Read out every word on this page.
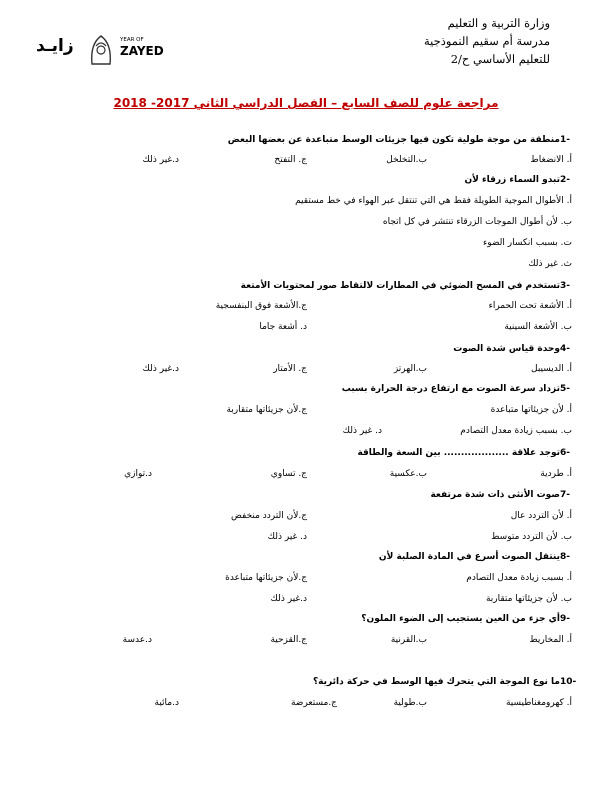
وزارة التربية و التعليم
مدرسة أم سقيم النموذجية
للتعليم الأساسي ح/2
زايـد	YEAR OF
ZAYED
مراجعة علوم للصف السابع – الفصل الدراسي الثاني 2017- 2018
-1منطقة من موجة طولية تكون فيها جزيئات الوسط متباعدة عن بعضها البعض
أ. الانضغاط
ب.التخلخل
ج. التفتح
د.غير ذلك
-2تبدو السماء زرقاء لأن
أ. الأطوال الموجية الطويلة فقط هي التي تنتقل عبر الهواء في خط مستقيم
ب. لأن أطوال الموجات الزرقاء تنتشر في كل اتجاه
ت. بسبب انكسار الضوء
ث. غير ذلك
-3تستخدم في المسح الضوئي في المطارات لالتقاط صور لمحتويات الأمتعة
أ. الأشعة تحت الحمراء
ج.الأشعة فوق البنفسجية
ب. الأشعة السينية
د. أشعة جاما
-4وحدة قياس شدة الصوت
أ. الديسيبل
ب.الهرتز
ج. الأمتار
د.غير ذلك
-5تزداد سرعة الصوت مع ارتفاع درجة الحرارة بسبب
أ. لأن جزيئاتها متباعدة
ج.لأن جزيئاتها متقاربة
ب. بسبب زيادة معدل التصادم
د. غير ذلك
-6توجد علاقة ................... بين السعة والطاقة
أ. طردية
ب.عكسية
ج. تساوي
د.توازي
-7صوت الأنثى ذات شدة مرتفعة
أ. لأن التردد عال
ج.لأن التردد منخفض
ب. لأن التردد متوسط
د. غير ذلك
-8ينتقل الصوت أسرع في المادة الصلبة لأن
أ. بسبب زيادة معدل التصادم
ج.لأن جزيئاتها متباعدة
ب. لأن جزيئاتها متقاربة
د.غير ذلك
-9أي جزء من العين يستجيب إلى الضوء الملون؟
أ. المخاريط
ب.القرنية
ج.القزحية
د.عدسة
-10ما نوع الموجة التي يتحرك فيها الوسط في حركة دائرية؟
أ. كهرومغناطيسية
ب.طولية
ج.مستعرضة
د.مائية
